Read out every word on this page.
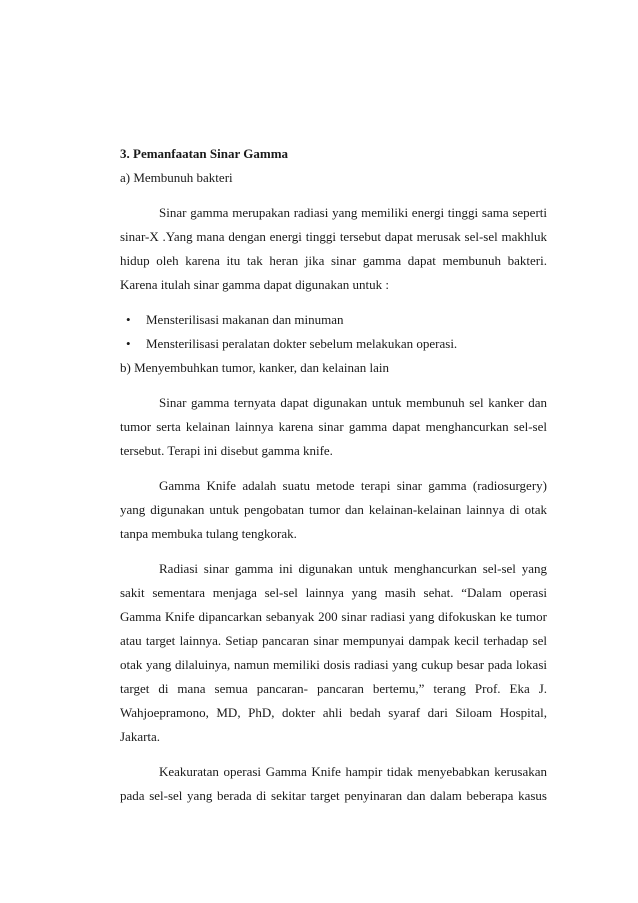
3. Pemanfaatan Sinar Gamma

a) Membunuh bakteri

Sinar gamma merupakan radiasi yang memiliki energi tinggi sama seperti sinar-X .Yang mana dengan energi tinggi tersebut dapat merusak sel-sel makhluk hidup oleh karena itu tak heran jika sinar gamma dapat membunuh bakteri. Karena itulah sinar gamma dapat digunakan untuk :

• Mensterilisasi makanan dan minuman
• Mensterilisasi peralatan dokter sebelum melakukan operasi.

b) Menyembuhkan tumor, kanker, dan kelainan lain

Sinar gamma ternyata dapat digunakan untuk membunuh sel kanker dan tumor serta kelainan lainnya karena sinar gamma dapat menghancurkan sel-sel tersebut. Terapi ini disebut gamma knife.

Gamma Knife adalah suatu metode terapi sinar gamma (radiosurgery) yang digunakan untuk pengobatan tumor dan kelainan-kelainan lainnya di otak tanpa membuka tulang tengkorak.

Radiasi sinar gamma ini digunakan untuk menghancurkan sel-sel yang sakit sementara menjaga sel-sel lainnya yang masih sehat. “Dalam operasi Gamma Knife dipancarkan sebanyak 200 sinar radiasi yang difokuskan ke tumor atau target lainnya. Setiap pancaran sinar mempunyai dampak kecil terhadap sel otak yang dilaluinya, namun memiliki dosis radiasi yang cukup besar pada lokasi target di mana semua pancaran- pancaran bertemu,” terang Prof. Eka J. Wahjoepramono, MD, PhD, dokter ahli bedah syaraf dari Siloam Hospital, Jakarta.

Keakuratan operasi Gamma Knife hampir tidak menyebabkan kerusakan pada sel-sel yang berada di sekitar target penyinaran dan dalam beberapa kasus
